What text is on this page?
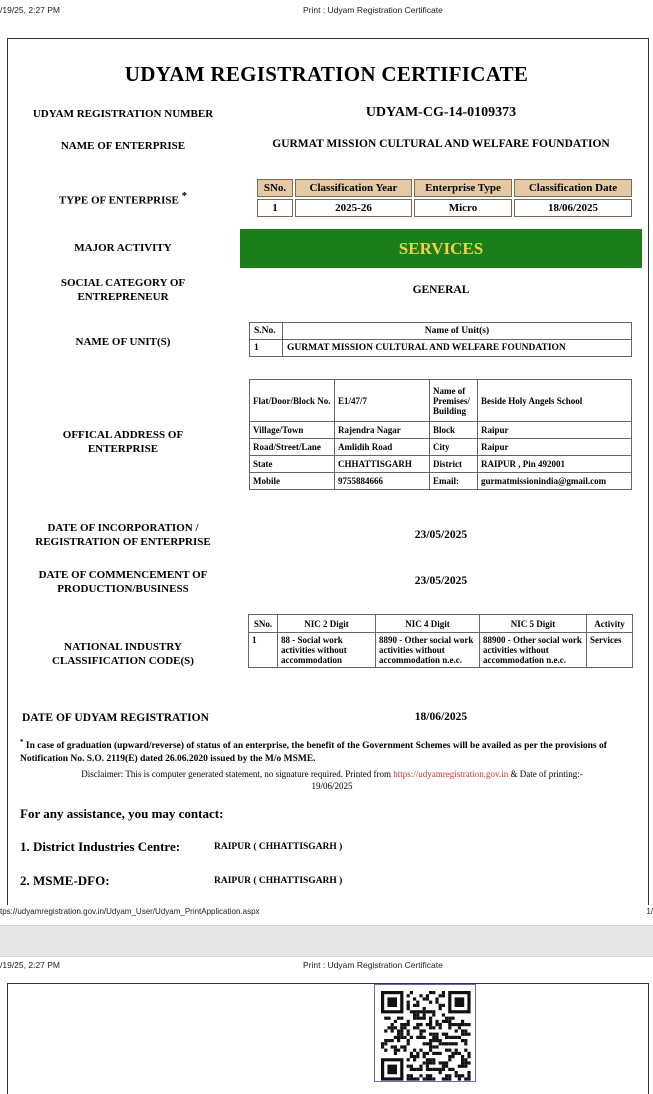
/19/25, 2:27 PM	Print : Udyam Registration Certificate
UDYAM REGISTRATION CERTIFICATE
UDYAM REGISTRATION NUMBER	UDYAM-CG-14-0109373
NAME OF ENTERPRISE	GURMAT MISSION CULTURAL AND WELFARE FOUNDATION
TYPE OF ENTERPRISE *
SNo.	Classification Year	Enterprise Type	Classification Date
1	2025-26	Micro	18/06/2025
MAJOR ACTIVITY	SERVICES
SOCIAL CATEGORY OF
ENTREPRENEUR
GENERAL
NAME OF UNIT(S)
S.No.	Name of Unit(s)
1	GURMAT MISSION CULTURAL AND WELFARE FOUNDATION
OFFICAL ADDRESS OF
ENTERPRISE
Flat/Door/Block No.	E1/47/7	Name of Premises/ Building	Beside Holy Angels School
Village/Town	Rajendra Nagar	Block	Raipur
Road/Street/Lane	Amlidih Road	City	Raipur
State	CHHATTISGARH	District	RAIPUR , Pin 492001
Mobile	9755884666	Email:	gurmatmissionindia@gmail.com
DATE OF INCORPORATION /
REGISTRATION OF ENTERPRISE
23/05/2025
DATE OF COMMENCEMENT OF
PRODUCTION/BUSINESS
23/05/2025
NATIONAL INDUSTRY
CLASSIFICATION CODE(S)
SNo.	NIC 2 Digit	NIC 4 Digit	NIC 5 Digit	Activity
1	88 - Social work activities without accommodation	8890 - Other social work activities without accommodation n.e.c.	88900 - Other social work activities without accommodation n.e.c.	Services
DATE OF UDYAM REGISTRATION	18/06/2025
* In case of graduation (upward/reverse) of status of an enterprise, the benefit of the Government Schemes will be availed as per the provisions of Notification No. S.O. 2119(E) dated 26.06.2020 issued by the M/o MSME.
Disclaimer: This is computer generated statement, no signature required. Printed from https://udyamregistration.gov.in & Date of printing:-
19/06/2025
For any assistance, you may contact:
1. District Industries Centre:	RAIPUR ( CHHATTISGARH )
2. MSME-DFO:	RAIPUR ( CHHATTISGARH )
tps://udyamregistration.gov.in/Udyam_User/Udyam_PrintApplication.aspx	1/
/19/25, 2:27 PM	Print : Udyam Registration Certificate
